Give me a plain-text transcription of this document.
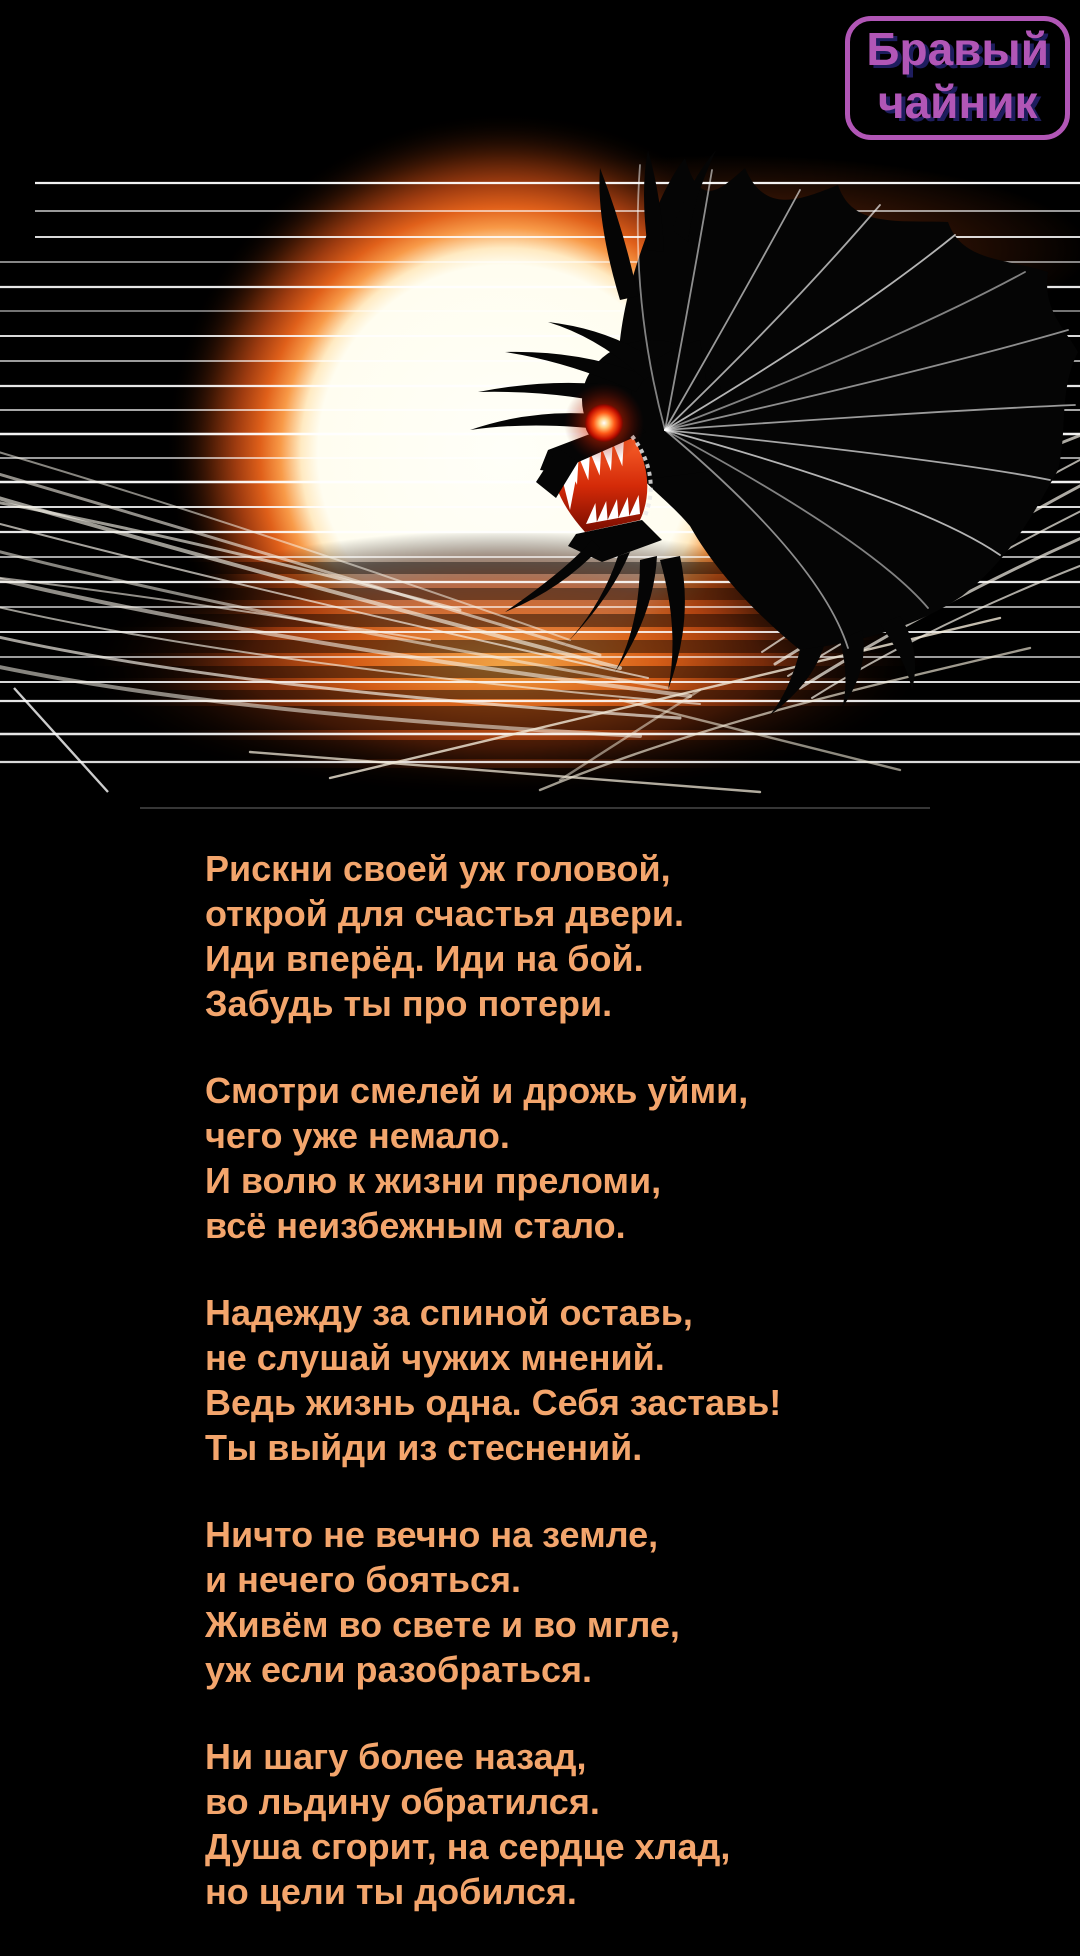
Бравый
чайник
Рискни своей уж головой,
открой для счастья двери.
Иди вперёд. Иди на бой.
Забудь ты про потери.
Смотри смелей и дрожь уйми,
чего уже немало.
И волю к жизни преломи,
всё неизбежным стало.
Надежду за спиной оставь,
не слушай чужих мнений.
Ведь жизнь одна. Себя заставь!
Ты выйди из стеснений.
Ничто не вечно на земле,
и нечего бояться.
Живём во свете и во мгле,
уж если разобраться.
Ни шагу более назад,
во льдину обратился.
Душа сгорит, на сердце хлад,
но цели ты добился.
